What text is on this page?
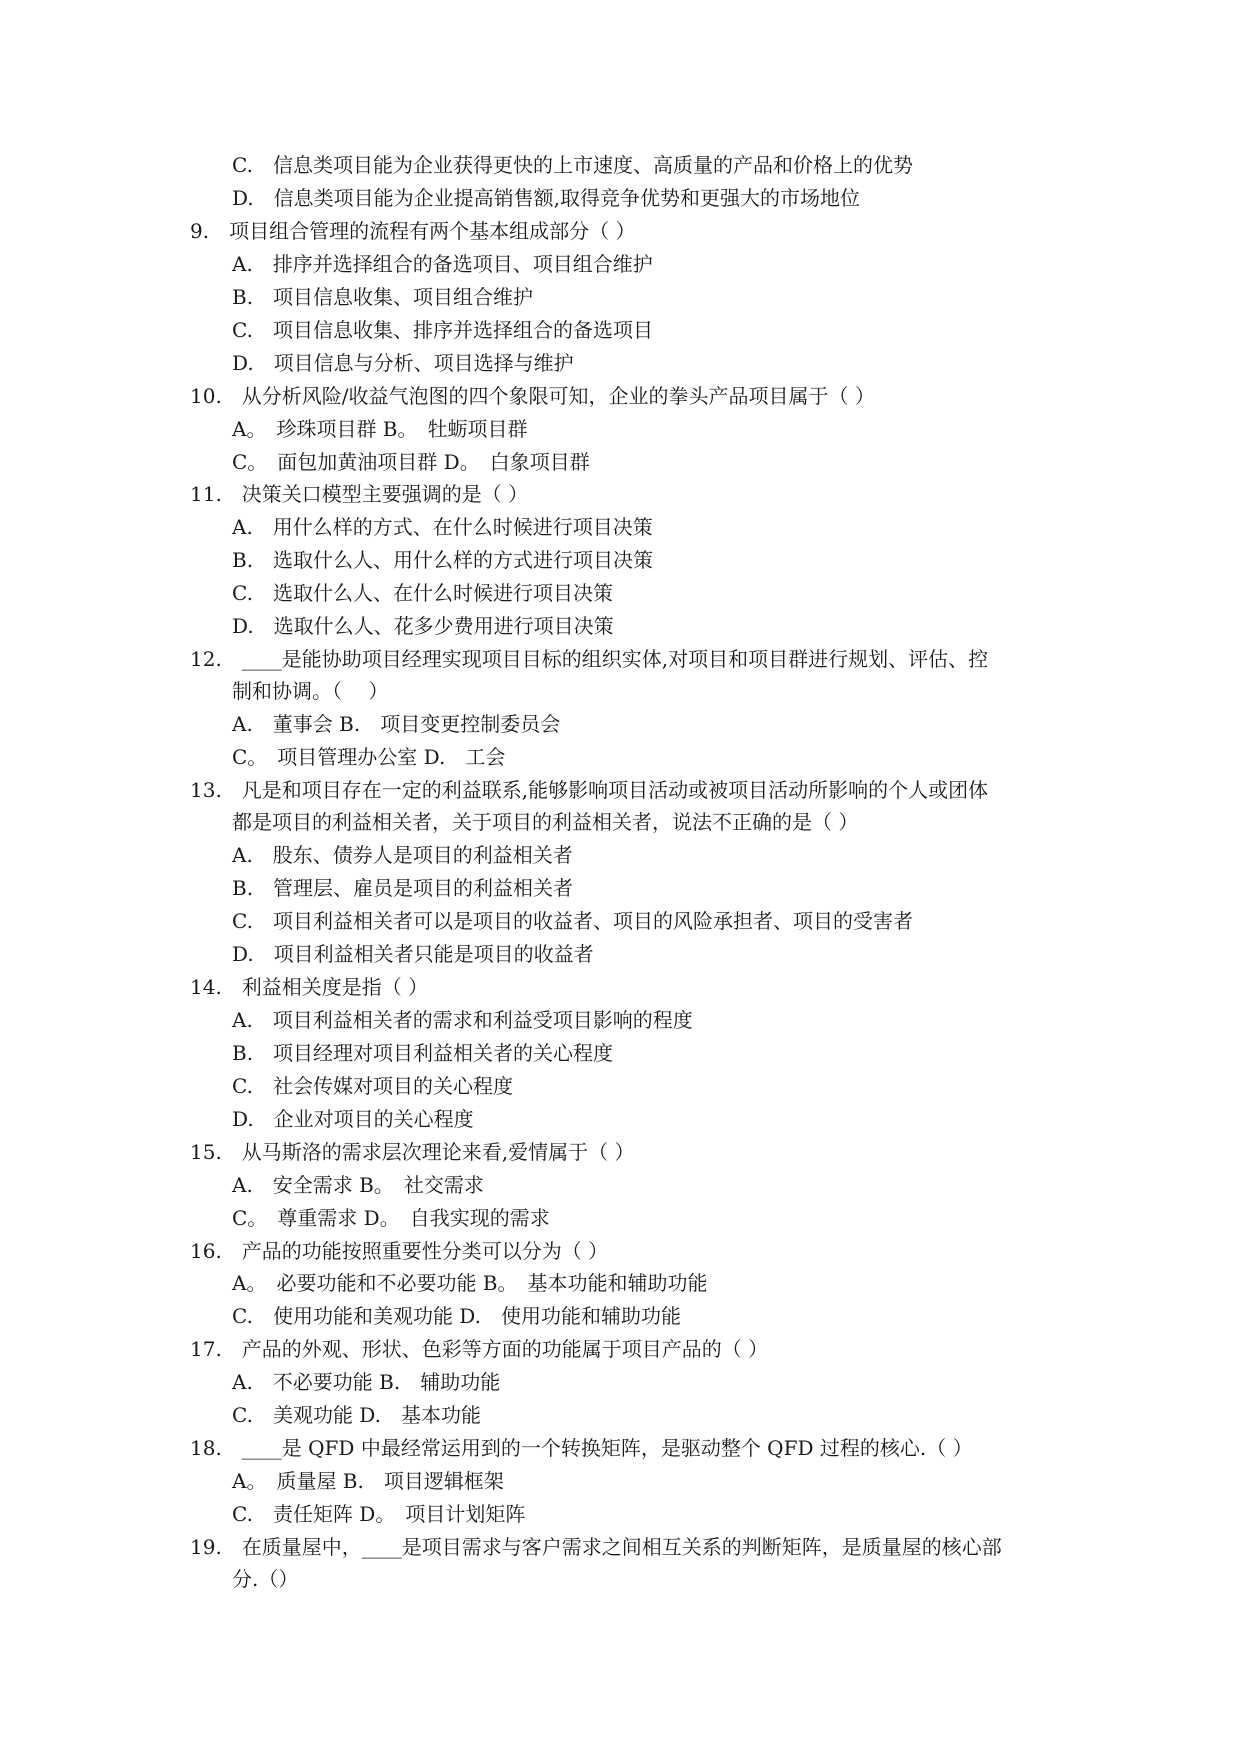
C.　信息类项目能为企业获得更快的上市速度、高质量的产品和价格上的优势
D.　信息类项目能为企业提高销售额,取得竞争优势和更强大的市场地位
9.　项目组合管理的流程有两个基本组成部分（ ）
A.　排序并选择组合的备选项目、项目组合维护
B.　项目信息收集、项目组合维护
C.　项目信息收集、排序并选择组合的备选项目
D.　项目信息与分析、项目选择与维护
10.　从分析风险/收益气泡图的四个象限可知，企业的拳头产品项目属于（ ）
A。　珍珠项目群 B。　牡蛎项目群
C。　面包加黄油项目群 D。　白象项目群
11.　决策关口模型主要强调的是（ ）
A.　用什么样的方式、在什么时候进行项目决策
B.　选取什么人、用什么样的方式进行项目决策
C.　选取什么人、在什么时候进行项目决策
D.　选取什么人、花多少费用进行项目决策
12.　____是能协助项目经理实现项目目标的组织实体,对项目和项目群进行规划、评估、控
制和协调。（　 ）
A.　董事会 B.　项目变更控制委员会
C。　项目管理办公室 D.　工会
13.　凡是和项目存在一定的利益联系,能够影响项目活动或被项目活动所影响的个人或团体
都是项目的利益相关者，关于项目的利益相关者，说法不正确的是（ ）
A.　股东、债券人是项目的利益相关者
B.　管理层、雇员是项目的利益相关者
C.　项目利益相关者可以是项目的收益者、项目的风险承担者、项目的受害者
D.　项目利益相关者只能是项目的收益者
14.　利益相关度是指（ ）
A.　项目利益相关者的需求和利益受项目影响的程度
B.　项目经理对项目利益相关者的关心程度
C.　社会传媒对项目的关心程度
D.　企业对项目的关心程度
15.　从马斯洛的需求层次理论来看,爱情属于（ ）
A.　安全需求 B。　社交需求
C。　尊重需求 D。　自我实现的需求
16.　产品的功能按照重要性分类可以分为（ ）
A。　必要功能和不必要功能 B。　基本功能和辅助功能
C.　使用功能和美观功能 D.　使用功能和辅助功能
17.　产品的外观、形状、色彩等方面的功能属于项目产品的（ ）
A.　不必要功能 B.　辅助功能
C.　美观功能 D.　基本功能
18.　____是 QFD 中最经常运用到的一个转换矩阵，是驱动整个 QFD 过程的核心.（ ）
A。　质量屋 B.　项目逻辑框架
C.　责任矩阵 D。　项目计划矩阵
19.　在质量屋中，____是项目需求与客户需求之间相互关系的判断矩阵，是质量屋的核心部
分.（）
